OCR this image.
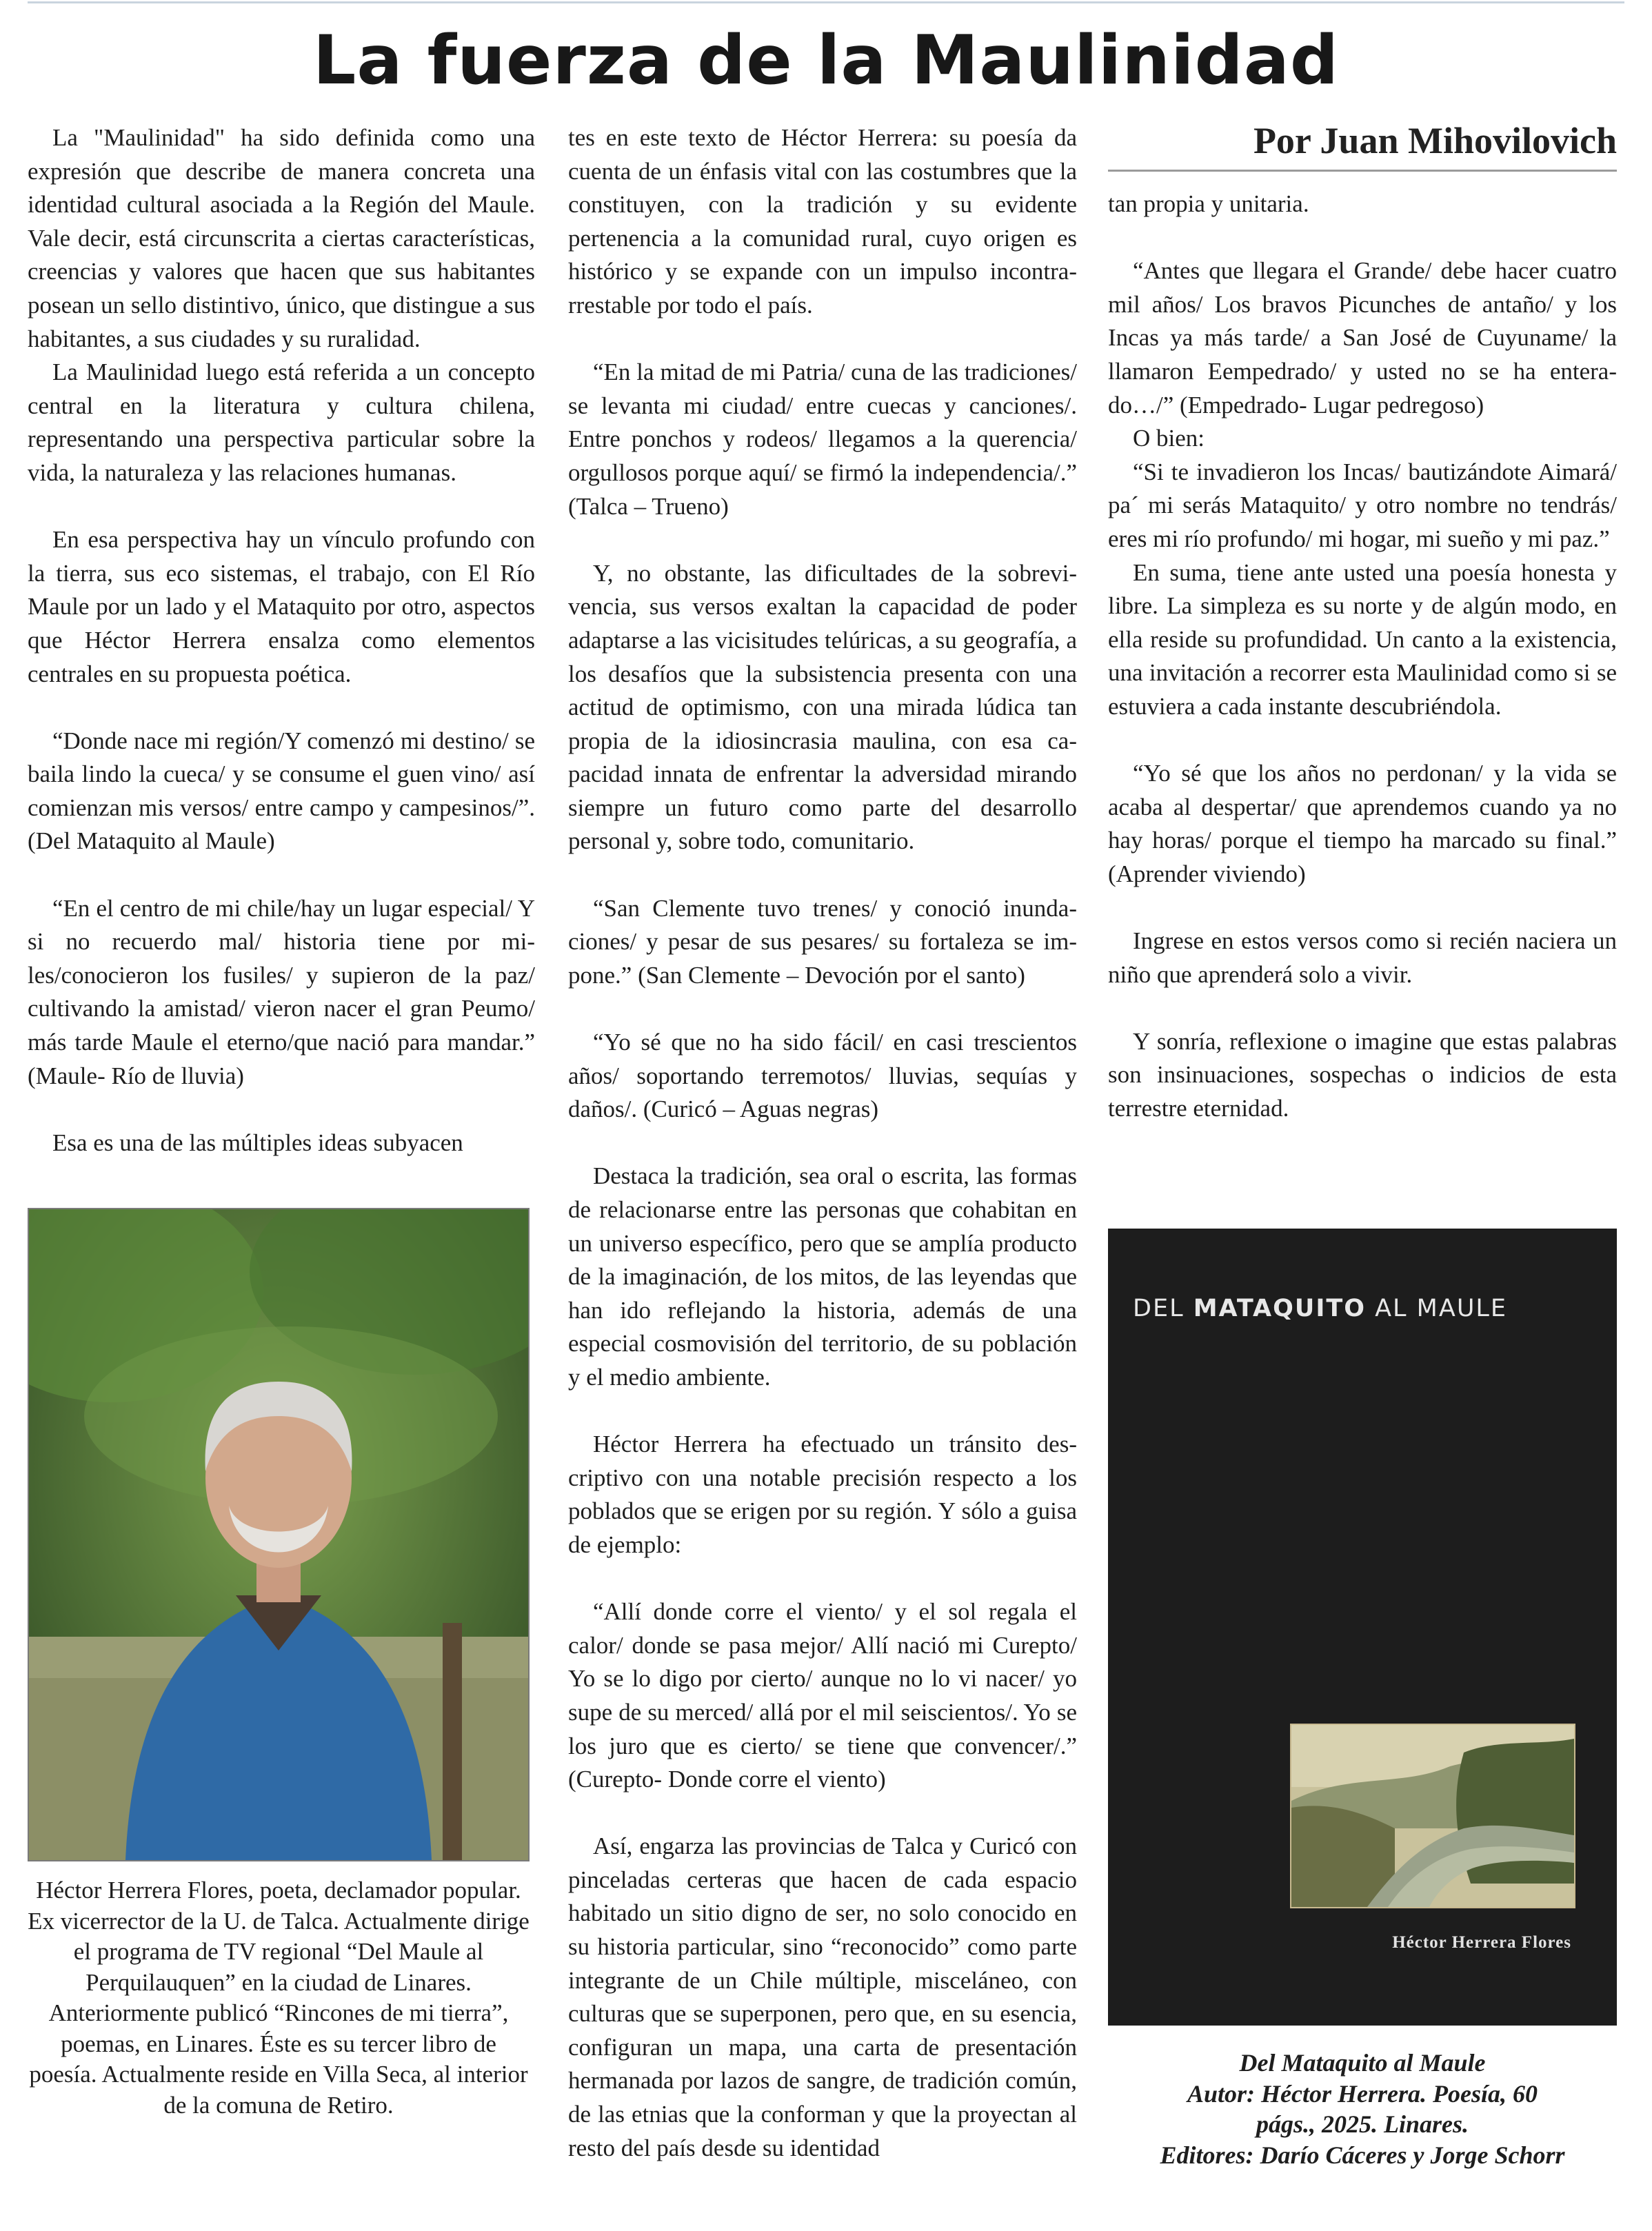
La fuerza de la Maulinidad

La "Maulinidad" ha sido definida como una expresión que describe de manera concreta una identidad cultural asociada a la Región del Maule. Vale decir, está circunscrita a ciertas características, creencias y valores que hacen que sus habitantes posean un sello distintivo, único, que distingue a sus habitantes, a sus ciudades y su ruralidad.

La Maulinidad luego está referida a un concepto central en la literatura y cultura chilena, representando una perspectiva particular sobre la vida, la naturaleza y las relaciones humanas.

En esa perspectiva hay un vínculo profundo con la tierra, sus eco sistemas, el trabajo, con El Río Maule por un lado y el Mataquito por otro, aspectos que Héctor Herrera ensalza como elementos centrales en su propuesta poética.

“Donde nace mi región/Y comenzó mi destino/ se baila lindo la cueca/ y se consume el guen vino/ así comienzan mis versos/ entre campo y campesinos/”. (Del Mataquito al Maule)

“En el centro de mi chile/hay un lugar especial/ Y si no recuerdo mal/ historia tiene por miles/conocieron los fusiles/ y supieron de la paz/ cultivando la amistad/ vieron nacer el gran Peumo/ más tarde Maule el eterno/que nació para mandar.” (Maule- Río de lluvia)

Esa es una de las múltiples ideas subyacen

Héctor Herrera Flores, poeta, declamador popular. Ex vicerrector de la U. de Talca. Actualmente dirige el programa de TV regional “Del Maule al Perquilauquen” en la ciudad de Linares. Anteriormente publicó “Rincones de mi tierra”, poemas, en Linares. Éste es su tercer libro de poesía. Actualmente reside en Villa Seca, al interior de la comuna de Retiro.

tes en este texto de Héctor Herrera: su poesía da cuenta de un énfasis vital con las costumbres que la constituyen, con la tradición y su evidente pertenencia a la comunidad rural, cuyo origen es histórico y se expande con un impulso incontrarrestable por todo el país.

“En la mitad de mi Patria/ cuna de las tradiciones/ se levanta mi ciudad/ entre cuecas y canciones/. Entre ponchos y rodeos/ llegamos a la querencia/ orgullosos porque aquí/ se firmó la independencia/.” (Talca – Trueno)

Y, no obstante, las dificultades de la sobrevivencia, sus versos exaltan la capacidad de poder adaptarse a las vicisitudes telúricas, a su geografía, a los desafíos que la subsistencia presenta con una actitud de optimismo, con una mirada lúdica tan propia de la idiosincrasia maulina, con esa capacidad innata de enfrentar la adversidad mirando siempre un futuro como parte del desarrollo personal y, sobre todo, comunitario.

“San Clemente tuvo trenes/ y conoció inundaciones/ y pesar de sus pesares/ su fortaleza se impone.” (San Clemente – Devoción por el santo)

“Yo sé que no ha sido fácil/ en casi trescientos años/ soportando terremotos/ lluvias, sequías y daños/. (Curicó – Aguas negras)

Destaca la tradición, sea oral o escrita, las formas de relacionarse entre las personas que cohabitan en un universo específico, pero que se amplía producto de la imaginación, de los mitos, de las leyendas que han ido reflejando la historia, además de una especial cosmovisión del territorio, de su población y el medio ambiente.

Héctor Herrera ha efectuado un tránsito descriptivo con una notable precisión respecto a los poblados que se erigen por su región. Y sólo a guisa de ejemplo:

“Allí donde corre el viento/ y el sol regala el calor/ donde se pasa mejor/ Allí nació mi Curepto/ Yo se lo digo por cierto/ aunque no lo vi nacer/ yo supe de su merced/ allá por el mil seiscientos/. Yo se los juro que es cierto/ se tiene que convencer/.” (Curepto- Donde corre el viento)

Así, engarza las provincias de Talca y Curicó con pinceladas certeras que hacen de cada espacio habitado un sitio digno de ser, no solo conocido en su historia particular, sino “reconocido” como parte integrante de un Chile múltiple, misceláneo, con culturas que se superponen, pero que, en su esencia, configuran un mapa, una carta de presentación hermanada por lazos de sangre, de tradición común, de las etnias que la conforman y que la proyectan al resto del país desde su identidad

Por Juan Mihovilovich

tan propia y unitaria.

“Antes que llegara el Grande/ debe hacer cuatro mil años/ Los bravos Picunches de antaño/ y los Incas ya más tarde/ a San José de Cuyuname/ la llamaron Eempedrado/ y usted no se ha enterado…/” (Empedrado- Lugar pedregoso)

O bien:

“Si te invadieron los Incas/ bautizándote Aimará/ pa´ mi serás Mataquito/ y otro nombre no tendrás/ eres mi río profundo/ mi hogar, mi sueño y mi paz.”

En suma, tiene ante usted una poesía honesta y libre. La simpleza es su norte y de algún modo, en ella reside su profundidad. Un canto a la existencia, una invitación a recorrer esta Maulinidad como si se estuviera a cada instante descubriéndola.

“Yo sé que los años no perdonan/ y la vida se acaba al despertar/ que aprendemos cuando ya no hay horas/ porque el tiempo ha marcado su final.” (Aprender viviendo)

Ingrese en estos versos como si recién naciera un niño que aprenderá solo a vivir.

Y sonría, reflexione o imagine que estas palabras son insinuaciones, sospechas o indicios de esta terrestre eternidad.

DEL MATAQUITO AL MAULE

Héctor Herrera Flores

Del Mataquito al Maule
Autor: Héctor Herrera. Poesía, 60
págs., 2025. Linares.
Editores: Darío Cáceres y Jorge Schorr
